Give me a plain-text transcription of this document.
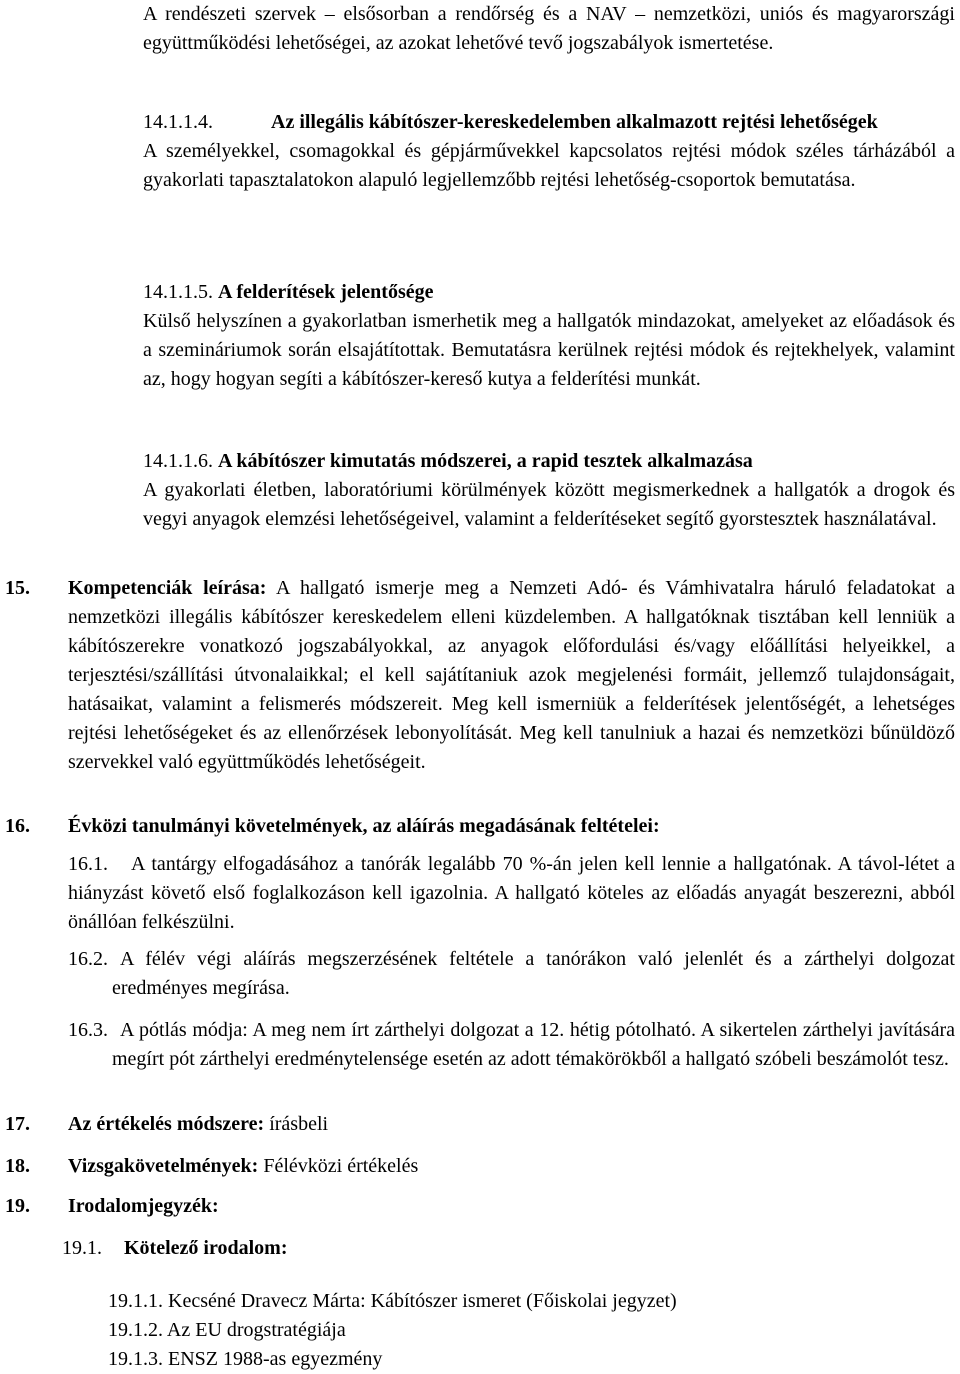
A rendészeti szervek – elsősorban a rendőrség és a NAV – nemzetközi, uniós és magyarországi együttműködési lehetőségei, az azokat lehetővé tevő jogszabályok ismertetése.

14.1.1.4.	Az illegális kábítószer-kereskedelemben alkalmazott rejtési lehetőségek

A személyekkel, csomagokkal és gépjárművekkel kapcsolatos rejtési módok széles tárházából a gyakorlati tapasztalatokon alapuló legjellemzőbb rejtési lehetőség-csoportok bemutatása.

14.1.1.5. A felderítések jelentősége

Külső helyszínen a gyakorlatban ismerhetik meg a hallgatók mindazokat, amelyeket az előadások és a szemináriumok során elsajátítottak. Bemutatásra kerülnek rejtési módok és rejtekhelyek, valamint az, hogy hogyan segíti a kábítószer-kereső kutya a felderítési munkát.

14.1.1.6. A kábítószer kimutatás módszerei, a rapid tesztek alkalmazása

A gyakorlati életben, laboratóriumi körülmények között megismerkednek a hallgatók a drogok és vegyi anyagok elemzési lehetőségeivel, valamint a felderítéseket segítő gyorstesztek használatával.

15. Kompetenciák leírása: A hallgató ismerje meg a Nemzeti Adó- és Vámhivatalra háruló feladatokat a nemzetközi illegális kábítószer kereskedelem elleni küzdelemben. A hallgatóknak tisztában kell lenniük a kábítószerekre vonatkozó jogszabályokkal, az anyagok előfordulási és/vagy előállítási helyeikkel, a terjesztési/szállítási útvonalaikkal; el kell sajátítaniuk azok megjelenési formáit, jellemző tulajdonságait, hatásaikat, valamint a felismerés módszereit. Meg kell ismerniük a felderítések jelentőségét, a lehetséges rejtési lehetőségeket és az ellenőrzések lebonyolítását. Meg kell tanulniuk a hazai és nemzetközi bűnüldöző szervekkel való együttműködés lehetőségeit.

16. Évközi tanulmányi követelmények, az aláírás megadásának feltételei:
16.1.	A tantárgy elfogadásához a tanórák legalább 70 %-án jelen kell lennie a hallgatónak. A távol-létet a hiányzást követő első foglalkozáson kell igazolnia. A hallgató köteles az előadás anyagát beszerezni, abból önállóan felkészülni.

16.2. A félév végi aláírás megszerzésének feltétele a tanórákon való jelenlét és a zárthelyi dolgozat eredményes megírása.

16.3. A pótlás módja: A meg nem írt zárthelyi dolgozat a 12. hétig pótolható. A sikertelen zárthelyi javítására megírt pót zárthelyi eredménytelensége esetén az adott témakörökből a hallgató szóbeli beszámolót tesz.

17. Az értékelés módszere: írásbeli
18. Vizsgakövetelmények: Félévközi értékelés
19. Irodalomjegyzék:
19.1. Kötelező irodalom:

19.1.1. Kecséné Dravecz Márta: Kábítószer ismeret (Főiskolai jegyzet)

19.1.2. Az EU drogstratégiája

19.1.3. ENSZ 1988-as egyezmény
